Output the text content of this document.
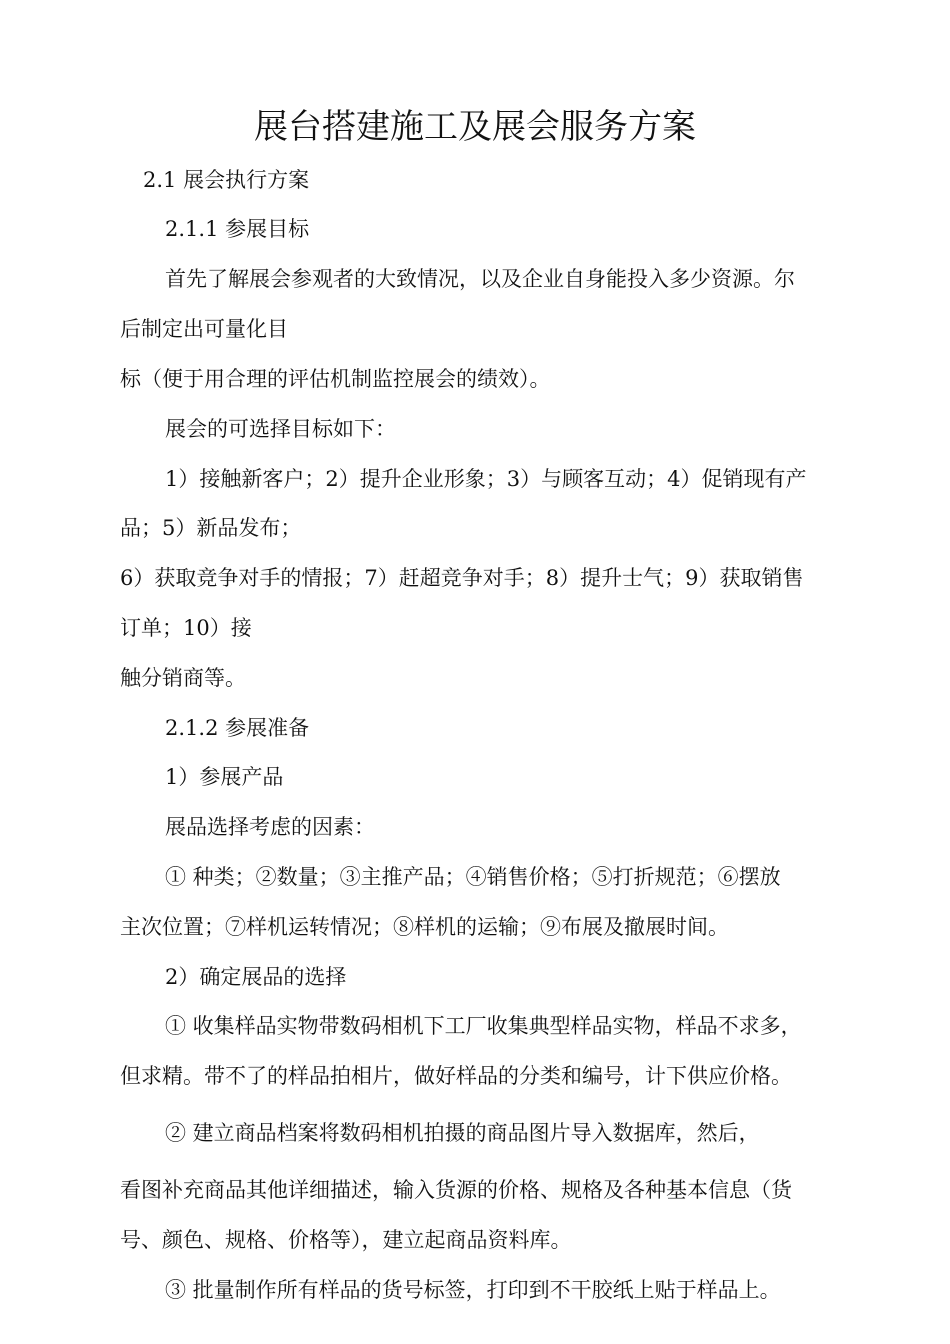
展台搭建施工及展会服务方案
2.1 展会执行方案
2.1.1 参展目标
首先了解展会参观者的大致情况，以及企业自身能投入多少资源。尔
后制定出可量化目
标（便于用合理的评估机制监控展会的绩效）。
展会的可选择目标如下：
1）接触新客户；2）提升企业形象；3）与顾客互动；4）促销现有产
品；5）新品发布；
6）获取竞争对手的情报；7）赶超竞争对手；8）提升士气；9）获取销售
订单；10）接
触分销商等。
2.1.2 参展准备
1）参展产品
展品选择考虑的因素：
① 种类；②数量；③主推产品；④销售价格；⑤打折规范；⑥摆放
主次位置；⑦样机运转情况；⑧样机的运输；⑨布展及撤展时间。
2）确定展品的选择
① 收集样品实物带数码相机下工厂收集典型样品实物，样品不求多，
但求精。带不了的样品拍相片，做好样品的分类和编号，计下供应价格。
② 建立商品档案将数码相机拍摄的商品图片导入数据库，然后，
看图补充商品其他详细描述，输入货源的价格、规格及各种基本信息（货
号、颜色、规格、价格等），建立起商品资料库。
③ 批量制作所有样品的货号标签，打印到不干胶纸上贴于样品上。
